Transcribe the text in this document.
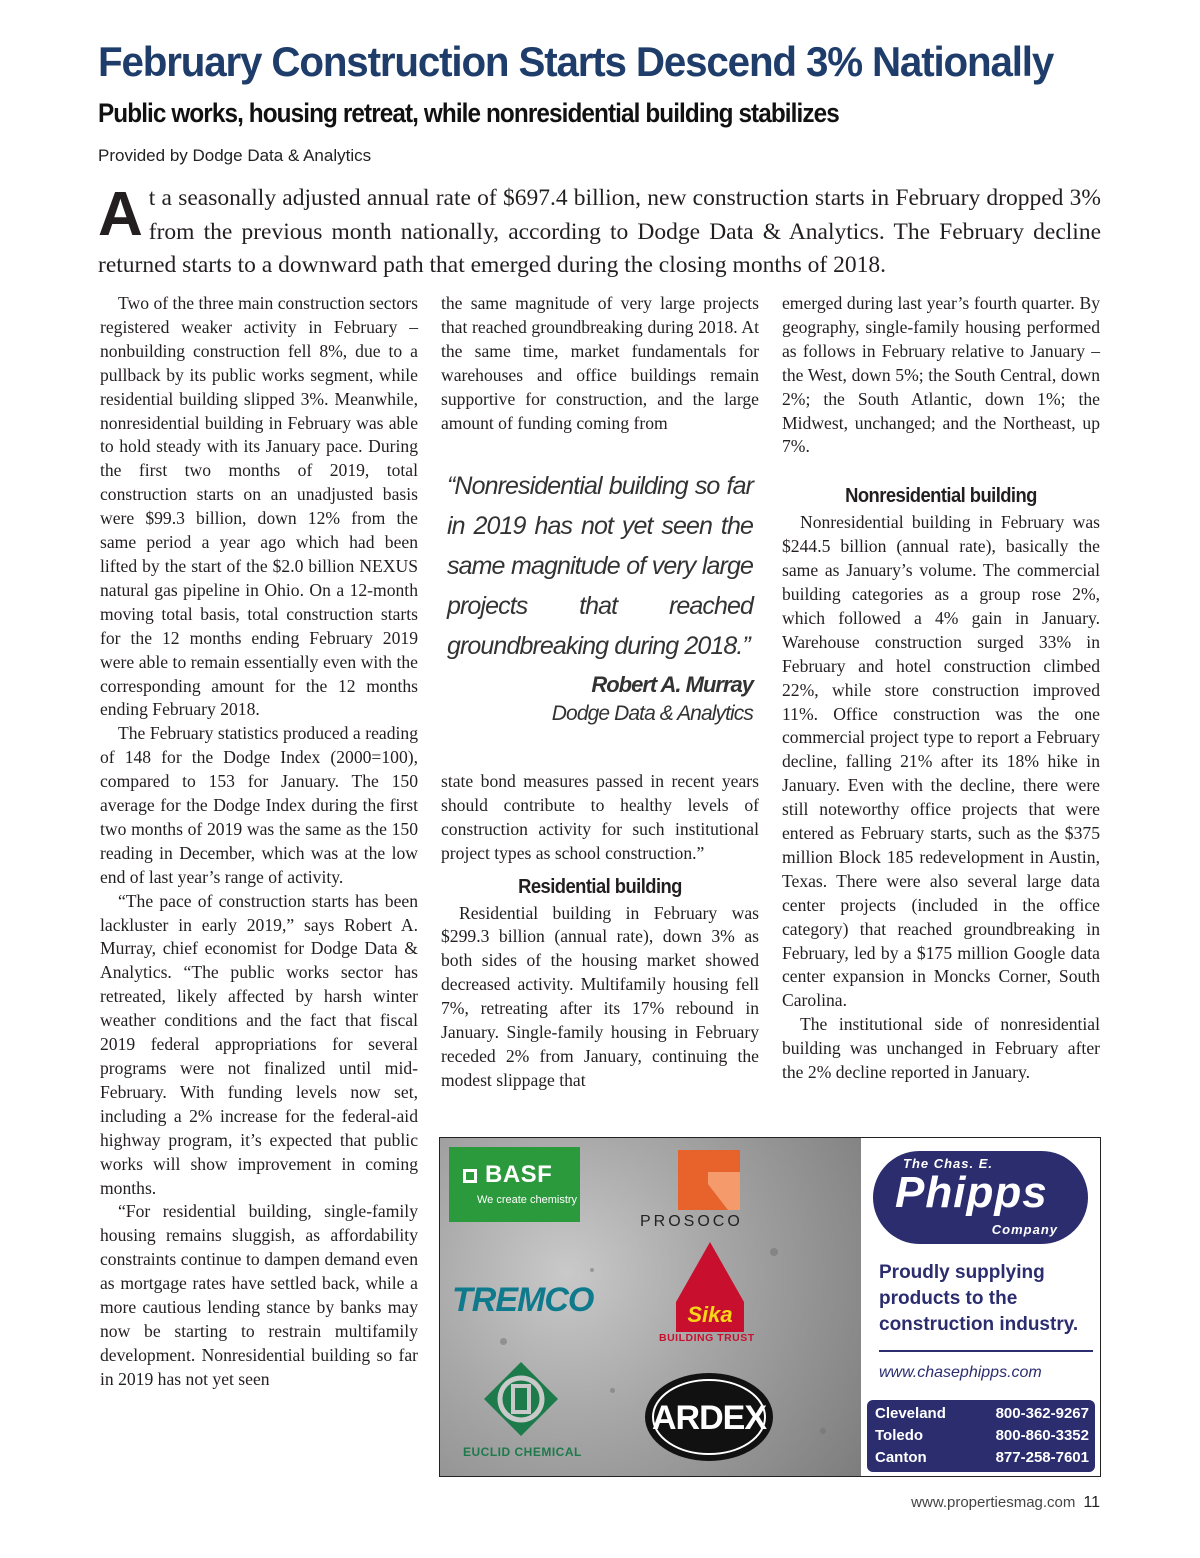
February Construction Starts Descend 3% Nationally
Public works, housing retreat, while nonresidential building stabilizes
Provided by Dodge Data & Analytics

At a seasonally adjusted annual rate of $697.4 billion, new construction starts in February dropped 3% from the previous month nationally, according to Dodge Data & Analytics. The February decline returned starts to a downward path that emerged during the closing months of 2018.

Two of the three main construction sectors registered weaker activity in February – nonbuilding construction fell 8%, due to a pullback by its public works segment, while residential building slipped 3%. Meanwhile, nonresidential building in February was able to hold steady with its January pace. During the first two months of 2019, total construction starts on an unadjusted basis were $99.3 billion, down 12% from the same period a year ago which had been lifted by the start of the $2.0 billion NEXUS natural gas pipeline in Ohio. On a 12-month moving total basis, total construction starts for the 12 months ending February 2019 were able to remain essentially even with the corresponding amount for the 12 months ending February 2018.

The February statistics produced a reading of 148 for the Dodge Index (2000=100), compared to 153 for January. The 150 average for the Dodge Index during the first two months of 2019 was the same as the 150 reading in December, which was at the low end of last year’s range of activity.

“The pace of construction starts has been lackluster in early 2019,” says Robert A. Murray, chief economist for Dodge Data & Analytics. “The public works sector has retreated, likely affected by harsh winter weather conditions and the fact that fiscal 2019 federal appropriations for several programs were not finalized until mid-February. With funding levels now set, including a 2% increase for the federal-aid highway program, it’s expected that public works will show improvement in coming months.

“For residential building, single-family housing remains sluggish, as affordability constraints continue to dampen demand even as mortgage rates have settled back, while a more cautious lending stance by banks may now be starting to restrain multifamily development. Nonresidential building so far in 2019 has not yet seen

the same magnitude of very large projects that reached groundbreaking during 2018. At the same time, market fundamentals for warehouses and office buildings remain supportive for construction, and the large amount of funding coming from

“Nonresidential building so far in 2019 has not yet seen the same magnitude of very large projects that reached groundbreaking during 2018.”

Robert A. Murray
Dodge Data & Analytics

state bond measures passed in recent years should contribute to healthy levels of construction activity for such institutional project types as school construction.”

Residential building

Residential building in February was $299.3 billion (annual rate), down 3% as both sides of the housing market showed decreased activity. Multifamily housing fell 7%, retreating after its 17% rebound in January. Single-family housing in February receded 2% from January, continuing the modest slippage that

emerged during last year’s fourth quarter. By geography, single-family housing performed as follows in February relative to January – the West, down 5%; the South Central, down 2%; the South Atlantic, down 1%; the Midwest, unchanged; and the Northeast, up 7%.

Nonresidential building

Nonresidential building in February was $244.5 billion (annual rate), basically the same as January’s volume. The commercial building categories as a group rose 2%, which followed a 4% gain in January. Warehouse construction surged 33% in February and hotel construction climbed 22%, while store construction improved 11%. Office construction was the one commercial project type to report a February decline, falling 21% after its 18% hike in January. Even with the decline, there were still noteworthy office projects that were entered as February starts, such as the $375 million Block 185 redevelopment in Austin, Texas. There were also several large data center projects (included in the office category) that reached groundbreaking in February, led by a $175 million Google data center expansion in Moncks Corner, South Carolina.

The institutional side of nonresidential building was unchanged in February after the 2% decline reported in January.

BASF
We create chemistry
PROSOCO
TREMCO	Sika
BUILDING TRUST
EUCLID CHEMICAL
ARDEX
The Chas. E.
Phipps
Company
Proudly supplying products to the construction industry.
www.chasephipps.com
Cleveland	800-362-9267
Toledo	800-860-3352
Canton	877-258-7601
www.propertiesmag.com 11
